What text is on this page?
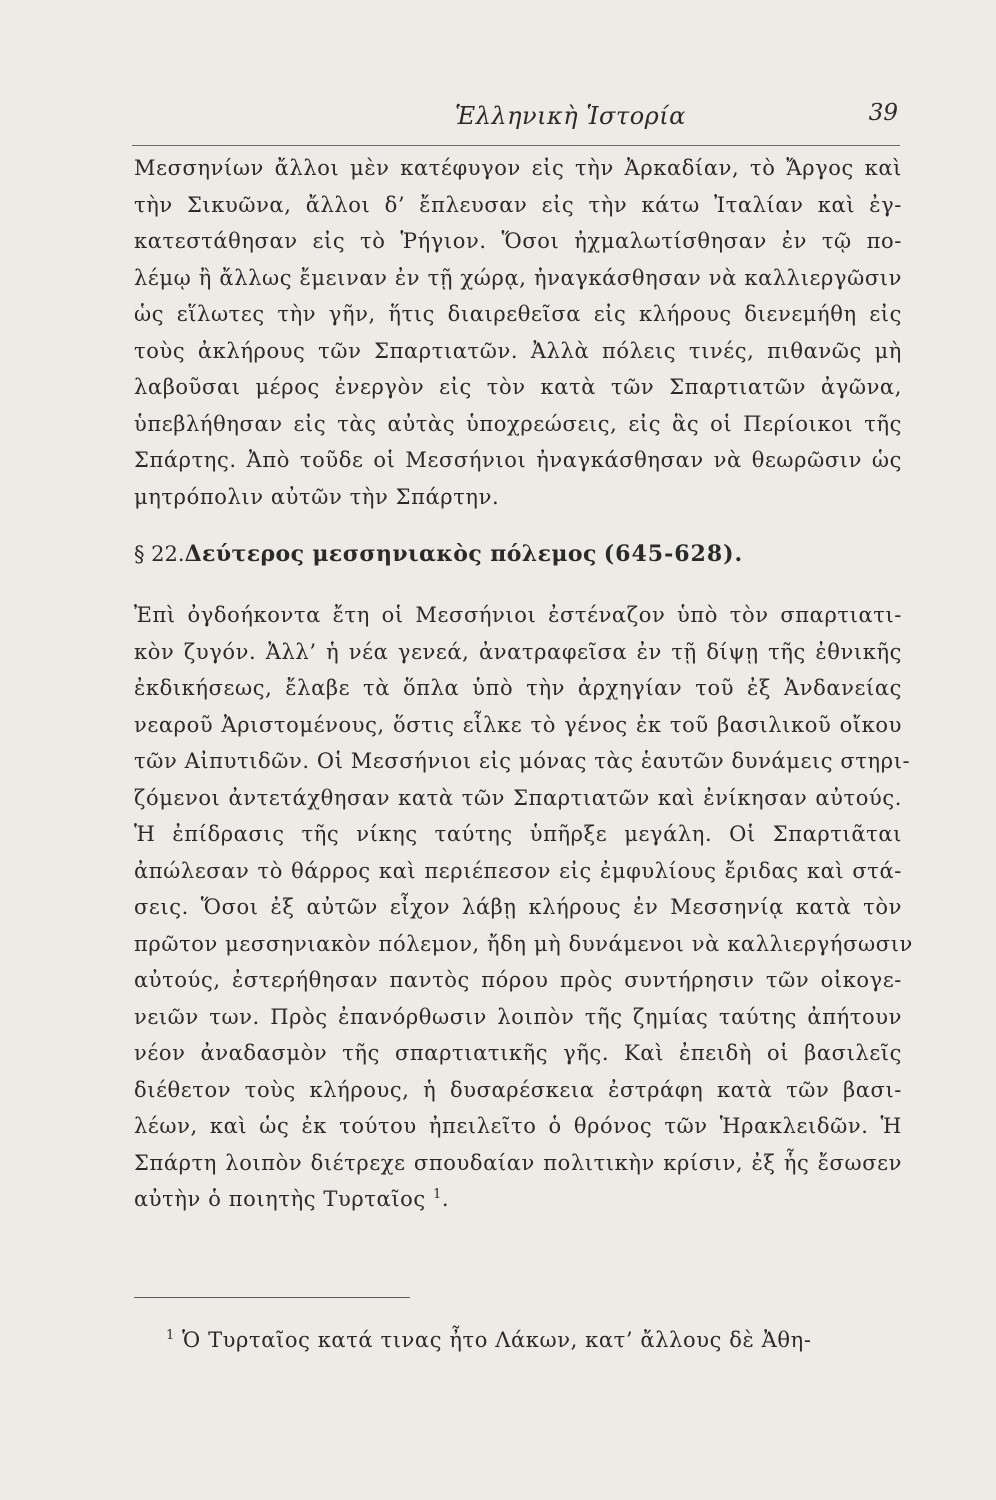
Ἑλληνικὴ Ἱστορία	39
Μεσσηνίων ἄλλοι μὲν κατέφυγον εἰς τὴν Ἀρκαδίαν, τὸ Ἄργος καὶ
τὴν Σικυῶνα, ἄλλοι δ’ ἔπλευσαν εἰς τὴν κάτω Ἰταλίαν καὶ ἐγ-
κατεστάθησαν εἰς τὸ Ῥήγιον. Ὅσοι ἠχμαλωτίσθησαν ἐν τῷ πο-
λέμῳ ἢ ἄλλως ἔμειναν ἐν τῇ χώρᾳ, ἠναγκάσθησαν νὰ καλλιεργῶσιν
ὡς εἵλωτες τὴν γῆν, ἥτις διαιρεθεῖσα εἰς κλήρους διενεμήθη εἰς
τοὺς ἀκλήρους τῶν Σπαρτιατῶν. Ἀλλὰ πόλεις τινές, πιθανῶς μὴ
λαβοῦσαι μέρος ἐνεργὸν εἰς τὸν κατὰ τῶν Σπαρτιατῶν ἀγῶνα,
ὑπεβλήθησαν εἰς τὰς αὐτὰς ὑποχρεώσεις, εἰς ἃς οἱ Περίοικοι τῆς
Σπάρτης. Ἀπὸ τοῦδε οἱ Μεσσήνιοι ἠναγκάσθησαν νὰ θεωρῶσιν ὡς
μητρόπολιν αὐτῶν τὴν Σπάρτην.
§ 22.Δεύτερος μεσσηνιακὸς πόλεμος (645-628).
Ἐπὶ ὀγδοήκοντα ἔτη οἱ Μεσσήνιοι ἐστέναζον ὑπὸ τὸν σπαρτιατι-
κὸν ζυγόν. Ἀλλ’ ἡ νέα γενεά, ἀνατραφεῖσα ἐν τῇ δίψῃ τῆς ἐθνικῆς
ἐκδικήσεως, ἔλαβε τὰ ὅπλα ὑπὸ τὴν ἀρχηγίαν τοῦ ἐξ Ἀνδανείας
νεαροῦ Ἀριστομένους, ὅστις εἷλκε τὸ γένος ἐκ τοῦ βασιλικοῦ οἴκου
τῶν Αἰπυτιδῶν. Οἱ Μεσσήνιοι εἰς μόνας τὰς ἑαυτῶν δυνάμεις στηρι-
ζόμενοι ἀντετάχθησαν κατὰ τῶν Σπαρτιατῶν καὶ ἐνίκησαν αὐτούς.
Ἡ ἐπίδρασις τῆς νίκης ταύτης ὑπῆρξε μεγάλη. Οἱ Σπαρτιᾶται
ἀπώλεσαν τὸ θάρρος καὶ περιέπεσον εἰς ἐμφυλίους ἔριδας καὶ στά-
σεις. Ὅσοι ἐξ αὐτῶν εἶχον λάβῃ κλήρους ἐν Μεσσηνίᾳ κατὰ τὸν
πρῶτον μεσσηνιακὸν πόλεμον, ἤδη μὴ δυνάμενοι νὰ καλλιεργήσωσιν
αὐτούς, ἐστερήθησαν παντὸς πόρου πρὸς συντήρησιν τῶν οἰκογε-
νειῶν των. Πρὸς ἐπανόρθωσιν λοιπὸν τῆς ζημίας ταύτης ἀπήτουν
νέον ἀναδασμὸν τῆς σπαρτιατικῆς γῆς. Καὶ ἐπειδὴ οἱ βασιλεῖς
διέθετον τοὺς κλήρους, ἡ δυσαρέσκεια ἐστράφη κατὰ τῶν βασι-
λέων, καὶ ὡς ἐκ τούτου ἠπειλεῖτο ὁ θρόνος τῶν Ἡρακλειδῶν. Ἡ
Σπάρτη λοιπὸν διέτρεχε σπουδαίαν πολιτικὴν κρίσιν, ἐξ ἧς ἔσωσεν
αὐτὴν ὁ ποιητὴς Τυρταῖος $^1$.
$^1$ Ὁ Τυρταῖος κατά τινας ἦτο Λάκων, κατ’ ἄλλους δὲ Ἀθη-
